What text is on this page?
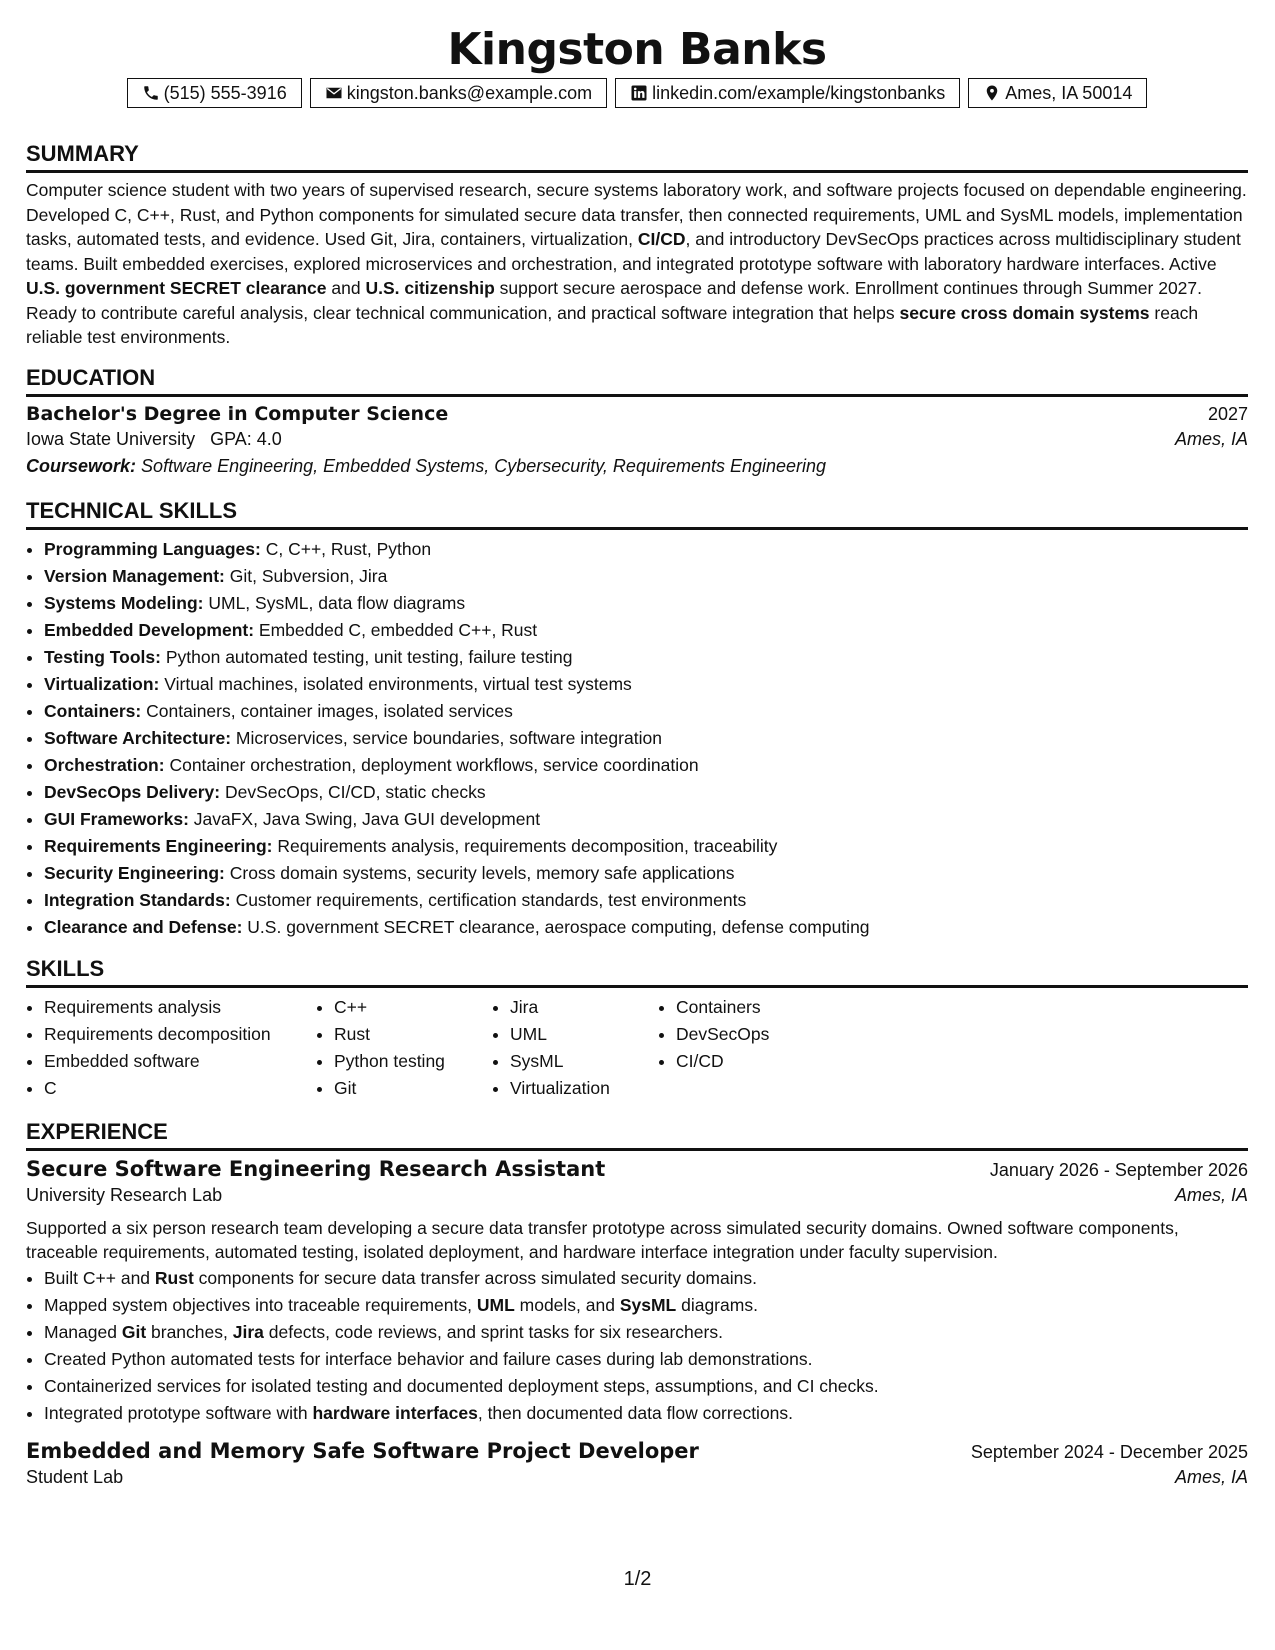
Kingston Banks
(515) 555-3916	kingston.banks@example.com	linkedin.com/example/kingstonbanks	Ames, IA 50014
SUMMARY
Computer science student with two years of supervised research, secure systems laboratory work, and software projects focused on dependable engineering. Developed C, C++, Rust, and Python components for simulated secure data transfer, then connected requirements, UML and SysML models, implementation tasks, automated tests, and evidence. Used Git, Jira, containers, virtualization, CI/CD, and introductory DevSecOps practices across multidisciplinary student teams. Built embedded exercises, explored microservices and orchestration, and integrated prototype software with laboratory hardware interfaces. Active U.S. government SECRET clearance and U.S. citizenship support secure aerospace and defense work. Enrollment continues through Summer 2027. Ready to contribute careful analysis, clear technical communication, and practical software integration that helps secure cross domain systems reach reliable test environments.
EDUCATION
Bachelor's Degree in Computer Science	2027
Iowa State University GPA: 4.0	Ames, IA
Coursework: Software Engineering, Embedded Systems, Cybersecurity, Requirements Engineering
TECHNICAL SKILLS
• Programming Languages: C, C++, Rust, Python
• Version Management: Git, Subversion, Jira
• Systems Modeling: UML, SysML, data flow diagrams
• Embedded Development: Embedded C, embedded C++, Rust
• Testing Tools: Python automated testing, unit testing, failure testing
• Virtualization: Virtual machines, isolated environments, virtual test systems
• Containers: Containers, container images, isolated services
• Software Architecture: Microservices, service boundaries, software integration
• Orchestration: Container orchestration, deployment workflows, service coordination
• DevSecOps Delivery: DevSecOps, CI/CD, static checks
• GUI Frameworks: JavaFX, Java Swing, Java GUI development
• Requirements Engineering: Requirements analysis, requirements decomposition, traceability
• Security Engineering: Cross domain systems, security levels, memory safe applications
• Integration Standards: Customer requirements, certification standards, test environments
• Clearance and Defense: U.S. government SECRET clearance, aerospace computing, defense computing
SKILLS
• Requirements analysis
• Requirements decomposition
• Embedded software
• C
• C++
• Rust
• Python testing
• Git
• Jira
• UML
• SysML
• Virtualization
• Containers
• DevSecOps
• CI/CD
EXPERIENCE
Secure Software Engineering Research Assistant	January 2026 - September 2026
University Research Lab	Ames, IA
Supported a six person research team developing a secure data transfer prototype across simulated security domains. Owned software components, traceable requirements, automated testing, isolated deployment, and hardware interface integration under faculty supervision.
• Built C++ and Rust components for secure data transfer across simulated security domains.
• Mapped system objectives into traceable requirements, UML models, and SysML diagrams.
• Managed Git branches, Jira defects, code reviews, and sprint tasks for six researchers.
• Created Python automated tests for interface behavior and failure cases during lab demonstrations.
• Containerized services for isolated testing and documented deployment steps, assumptions, and CI checks.
• Integrated prototype software with hardware interfaces, then documented data flow corrections.
Embedded and Memory Safe Software Project Developer	September 2024 - December 2025
Student Lab	Ames, IA
1/2
